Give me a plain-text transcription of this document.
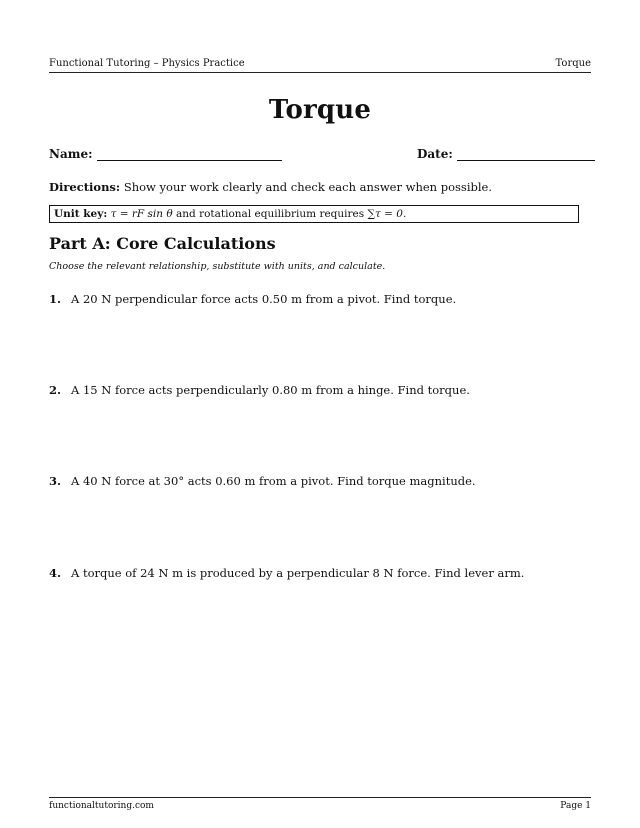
Functional Tutoring – Physics Practice	Torque
Torque
Name:	Date:
Directions: Show your work clearly and check each answer when possible.
Unit key: τ = rF sin θ and rotational equilibrium requires ∑τ = 0.
Part A: Core Calculations
Choose the relevant relationship, substitute with units, and calculate.
1. A 20 N perpendicular force acts 0.50 m from a pivot. Find torque.
2. A 15 N force acts perpendicularly 0.80 m from a hinge. Find torque.
3. A 40 N force at 30° acts 0.60 m from a pivot. Find torque magnitude.
4. A torque of 24 N m is produced by a perpendicular 8 N force. Find lever arm.
functionaltutoring.com	Page 1
